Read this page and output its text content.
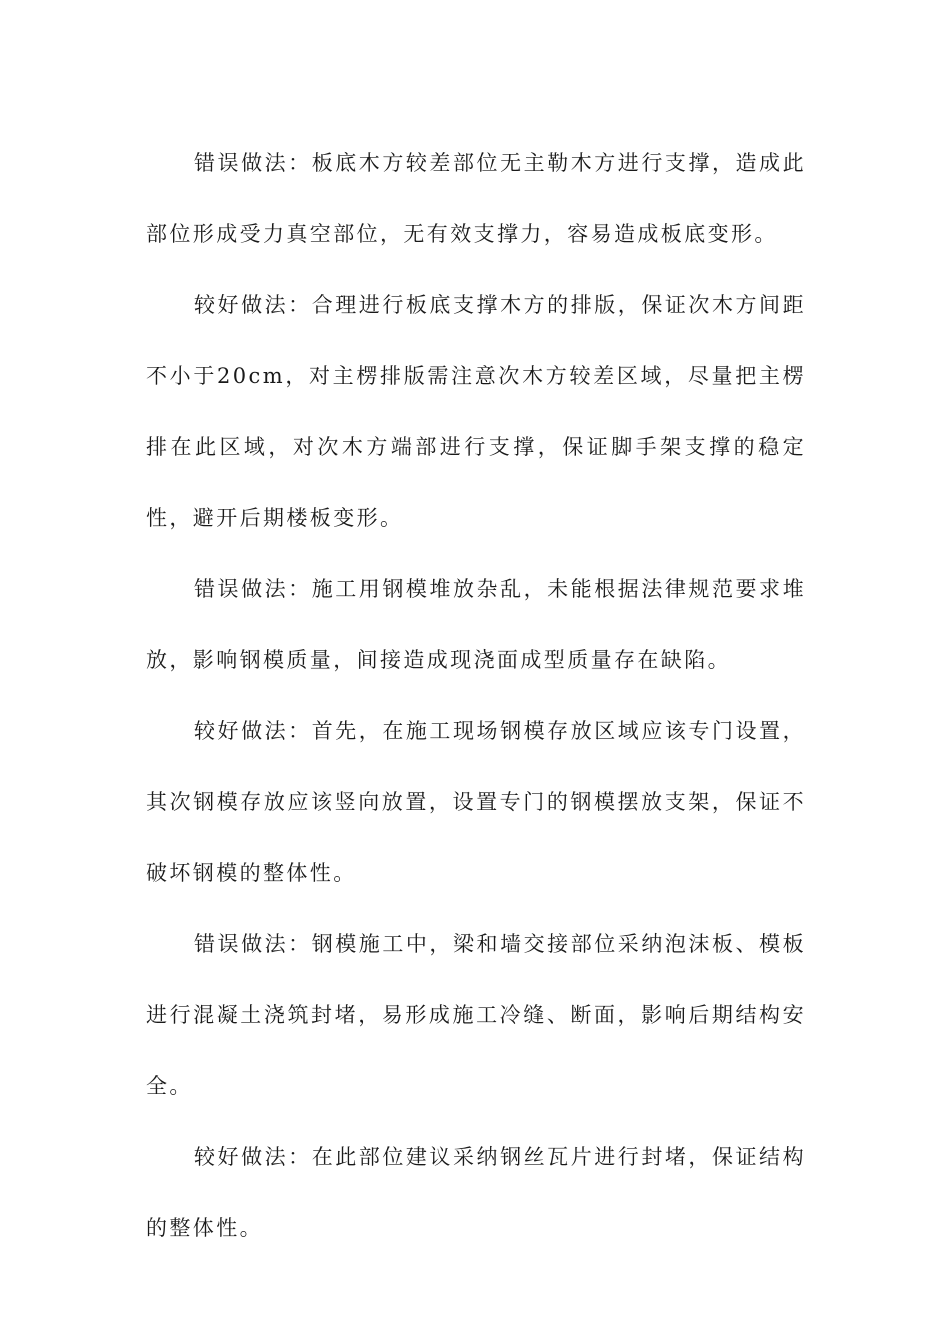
错误做法：板底木方较差部位无主勒木方进行支撑，造成此部位形成受力真空部位，无有效支撑力，容易造成板底变形。

较好做法：合理进行板底支撑木方的排版，保证次木方间距不小于20cm，对主楞排版需注意次木方较差区域，尽量把主楞排在此区域，对次木方端部进行支撑，保证脚手架支撑的稳定性，避开后期楼板变形。

错误做法：施工用钢模堆放杂乱，未能根据法律规范要求堆放，影响钢模质量，间接造成现浇面成型质量存在缺陷。

较好做法：首先，在施工现场钢模存放区域应该专门设置，其次钢模存放应该竖向放置，设置专门的钢模摆放支架，保证不破坏钢模的整体性。

错误做法：钢模施工中，梁和墙交接部位采纳泡沫板、模板进行混凝土浇筑封堵，易形成施工冷缝、断面，影响后期结构安全。

较好做法：在此部位建议采纳钢丝瓦片进行封堵，保证结构的整体性。
